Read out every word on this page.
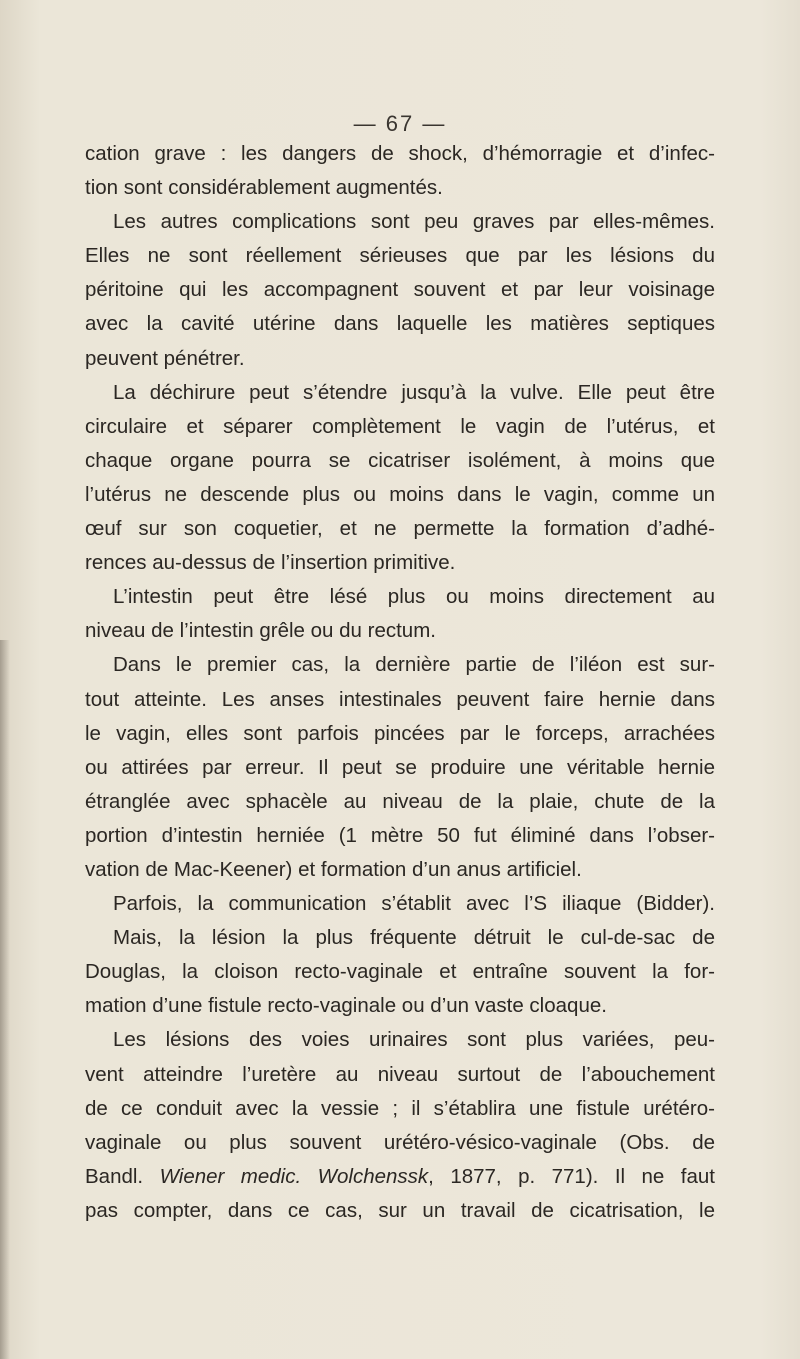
— 67 —
cation grave : les dangers de shock, d’hémorragie et d’infec-
tion sont considérablement augmentés.
Les autres complications sont peu graves par elles-mêmes.
Elles ne sont réellement sérieuses que par les lésions du
péritoine qui les accompagnent souvent et par leur voisinage
avec la cavité utérine dans laquelle les matières septiques
peuvent pénétrer.
La déchirure peut s’étendre jusqu’à la vulve. Elle peut être
circulaire et séparer complètement le vagin de l’utérus, et
chaque organe pourra se cicatriser isolément, à moins que
l’utérus ne descende plus ou moins dans le vagin, comme un
œuf sur son coquetier, et ne permette la formation d’adhé-
rences au-dessus de l’insertion primitive.
L’intestin peut être lésé plus ou moins directement au
niveau de l’intestin grêle ou du rectum.
Dans le premier cas, la dernière partie de l’iléon est sur-
tout atteinte. Les anses intestinales peuvent faire hernie dans
le vagin, elles sont parfois pincées par le forceps, arrachées
ou attirées par erreur. Il peut se produire une véritable hernie
étranglée avec sphacèle au niveau de la plaie, chute de la
portion d’intestin herniée (1 mètre 50 fut éliminé dans l’obser-
vation de Mac-Keener) et formation d’un anus artificiel.
Parfois, la communication s’établit avec l’S iliaque (Bidder).
Mais, la lésion la plus fréquente détruit le cul-de-sac de
Douglas, la cloison recto-vaginale et entraîne souvent la for-
mation d’une fistule recto-vaginale ou d’un vaste cloaque.
Les lésions des voies urinaires sont plus variées, peu-
vent atteindre l’uretère au niveau surtout de l’abouchement
de ce conduit avec la vessie ; il s’établira une fistule urétéro-
vaginale ou plus souvent urétéro-vésico-vaginale (Obs. de
Bandl. Wiener medic. Wolchenssk, 1877, p. 771). Il ne faut
pas compter, dans ce cas, sur un travail de cicatrisation, le
